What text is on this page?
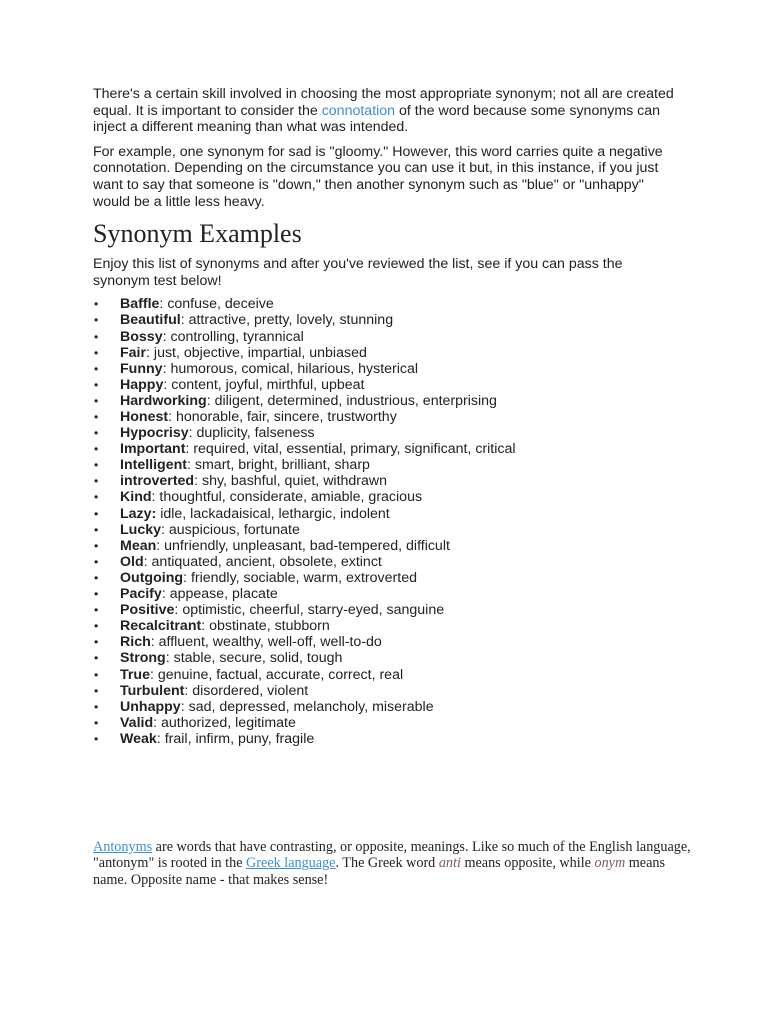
There's a certain skill involved in choosing the most appropriate synonym; not all are created equal. It is important to consider the connotation of the word because some synonyms can inject a different meaning than what was intended.

For example, one synonym for sad is "gloomy." However, this word carries quite a negative connotation. Depending on the circumstance you can use it but, in this instance, if you just want to say that someone is "down," then another synonym such as "blue" or "unhappy" would be a little less heavy.

Synonym Examples

Enjoy this list of synonyms and after you've reviewed the list, see if you can pass the synonym test below!

• Baffle: confuse, deceive
• Beautiful: attractive, pretty, lovely, stunning
• Bossy: controlling, tyrannical
• Fair: just, objective, impartial, unbiased
• Funny: humorous, comical, hilarious, hysterical
• Happy: content, joyful, mirthful, upbeat
• Hardworking: diligent, determined, industrious, enterprising
• Honest: honorable, fair, sincere, trustworthy
• Hypocrisy: duplicity, falseness
• Important: required, vital, essential, primary, significant, critical
• Intelligent: smart, bright, brilliant, sharp
• introverted: shy, bashful, quiet, withdrawn
• Kind: thoughtful, considerate, amiable, gracious
• Lazy: idle, lackadaisical, lethargic, indolent
• Lucky: auspicious, fortunate
• Mean: unfriendly, unpleasant, bad-tempered, difficult
• Old: antiquated, ancient, obsolete, extinct
• Outgoing: friendly, sociable, warm, extroverted
• Pacify: appease, placate
• Positive: optimistic, cheerful, starry-eyed, sanguine
• Recalcitrant: obstinate, stubborn
• Rich: affluent, wealthy, well-off, well-to-do
• Strong: stable, secure, solid, tough
• True: genuine, factual, accurate, correct, real
• Turbulent: disordered, violent
• Unhappy: sad, depressed, melancholy, miserable
• Valid: authorized, legitimate
• Weak: frail, infirm, puny, fragile

Antonyms are words that have contrasting, or opposite, meanings. Like so much of the English language, "antonym" is rooted in the Greek language. The Greek word anti means opposite, while onym means name. Opposite name - that makes sense!
